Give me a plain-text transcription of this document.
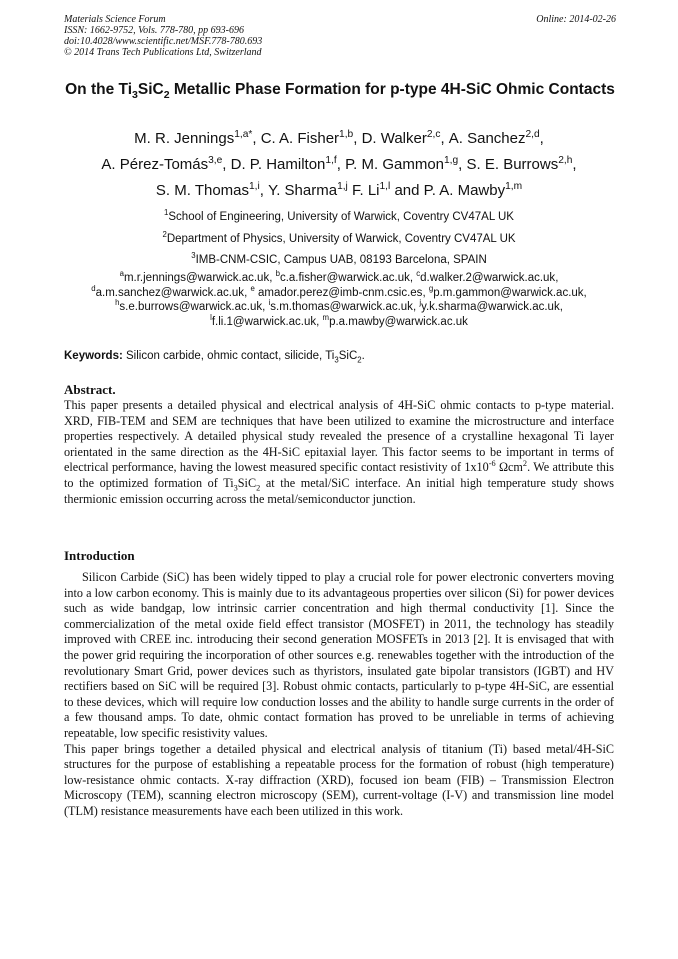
Materials Science Forum
ISSN: 1662-9752, Vols. 778-780, pp 693-696
doi:10.4028/www.scientific.net/MSF.778-780.693
© 2014 Trans Tech Publications Ltd, Switzerland
Online: 2014-02-26
On the $Ti_3SiC_2$ Metallic Phase Formation for p-type 4H-SiC Ohmic Contacts
M. R. Jennings$^{1,a*}$, C. A. Fisher$^{1,b}$, D. Walker$^{2,c}$, A. Sanchez$^{2,d}$,
A. Pérez-Tomás$^{3,e}$, D. P. Hamilton$^{1,f}$, P. M. Gammon$^{1,g}$, S. E. Burrows$^{2,h}$,
S. M. Thomas$^{1,i}$, Y. Sharma$^{1,j}$ F. Li$^{1,l}$ and P. A. Mawby$^{1,m}$
$^1$School of Engineering, University of Warwick, Coventry CV47AL UK
$^2$Department of Physics, University of Warwick, Coventry CV47AL UK
$^3$IMB-CNM-CSIC, Campus UAB, 08193 Barcelona, SPAIN
$^a$m.r.jennings@warwick.ac.uk, $^b$c.a.fisher@warwick.ac.uk, $^c$d.walker.2@warwick.ac.uk,
$^d$a.m.sanchez@warwick.ac.uk, $^e$ amador.perez@imb-cnm.csic.es, $^g$p.m.gammon@warwick.ac.uk,
$^h$s.e.burrows@warwick.ac.uk, $^i$s.m.thomas@warwick.ac.uk, $^j$y.k.sharma@warwick.ac.uk,
$^l$f.li.1@warwick.ac.uk, $^m$p.a.mawby@warwick.ac.uk
Keywords: Silicon carbide, ohmic contact, silicide, $Ti_3SiC_2$.
Abstract.

This paper presents a detailed physical and electrical analysis of 4H-SiC ohmic contacts to p-type material. XRD, FIB-TEM and SEM are techniques that have been utilized to examine the microstructure and interface properties respectively. A detailed physical study revealed the presence of a crystalline hexagonal Ti layer orientated in the same direction as the 4H-SiC epitaxial layer. This factor seems to be important in terms of electrical performance, having the lowest measured specific contact resistivity of $1x10^{-6}$ Ωcm$^2$. We attribute this to the optimized formation of $Ti_3SiC_2$ at the metal/SiC interface. An initial high temperature study shows thermionic emission occurring across the metal/semiconductor junction.

Introduction

Silicon Carbide (SiC) has been widely tipped to play a crucial role for power electronic converters moving into a low carbon economy. This is mainly due to its advantageous properties over silicon (Si) for power devices such as wide bandgap, low intrinsic carrier concentration and high thermal conductivity [1]. Since the commercialization of the metal oxide field effect transistor (MOSFET) in 2011, the technology has steadily improved with CREE inc. introducing their second generation MOSFETs in 2013 [2]. It is envisaged that with the power grid requiring the incorporation of other sources e.g. renewables together with the introduction of the revolutionary Smart Grid, power devices such as thyristors, insulated gate bipolar transistors (IGBT) and HV rectifiers based on SiC will be required [3]. Robust ohmic contacts, particularly to p-type 4H-SiC, are essential to these devices, which will require low conduction losses and the ability to handle surge currents in the order of a few thousand amps. To date, ohmic contact formation has proved to be unreliable in terms of achieving repeatable, low specific resistivity values.

This paper brings together a detailed physical and electrical analysis of titanium (Ti) based metal/4H-SiC structures for the purpose of establishing a repeatable process for the formation of robust (high temperature) low-resistance ohmic contacts. X-ray diffraction (XRD), focused ion beam (FIB) – Transmission Electron Microscopy (TEM), scanning electron microscopy (SEM), current-voltage (I-V) and transmission line model (TLM) resistance measurements have each been utilized in this work.
